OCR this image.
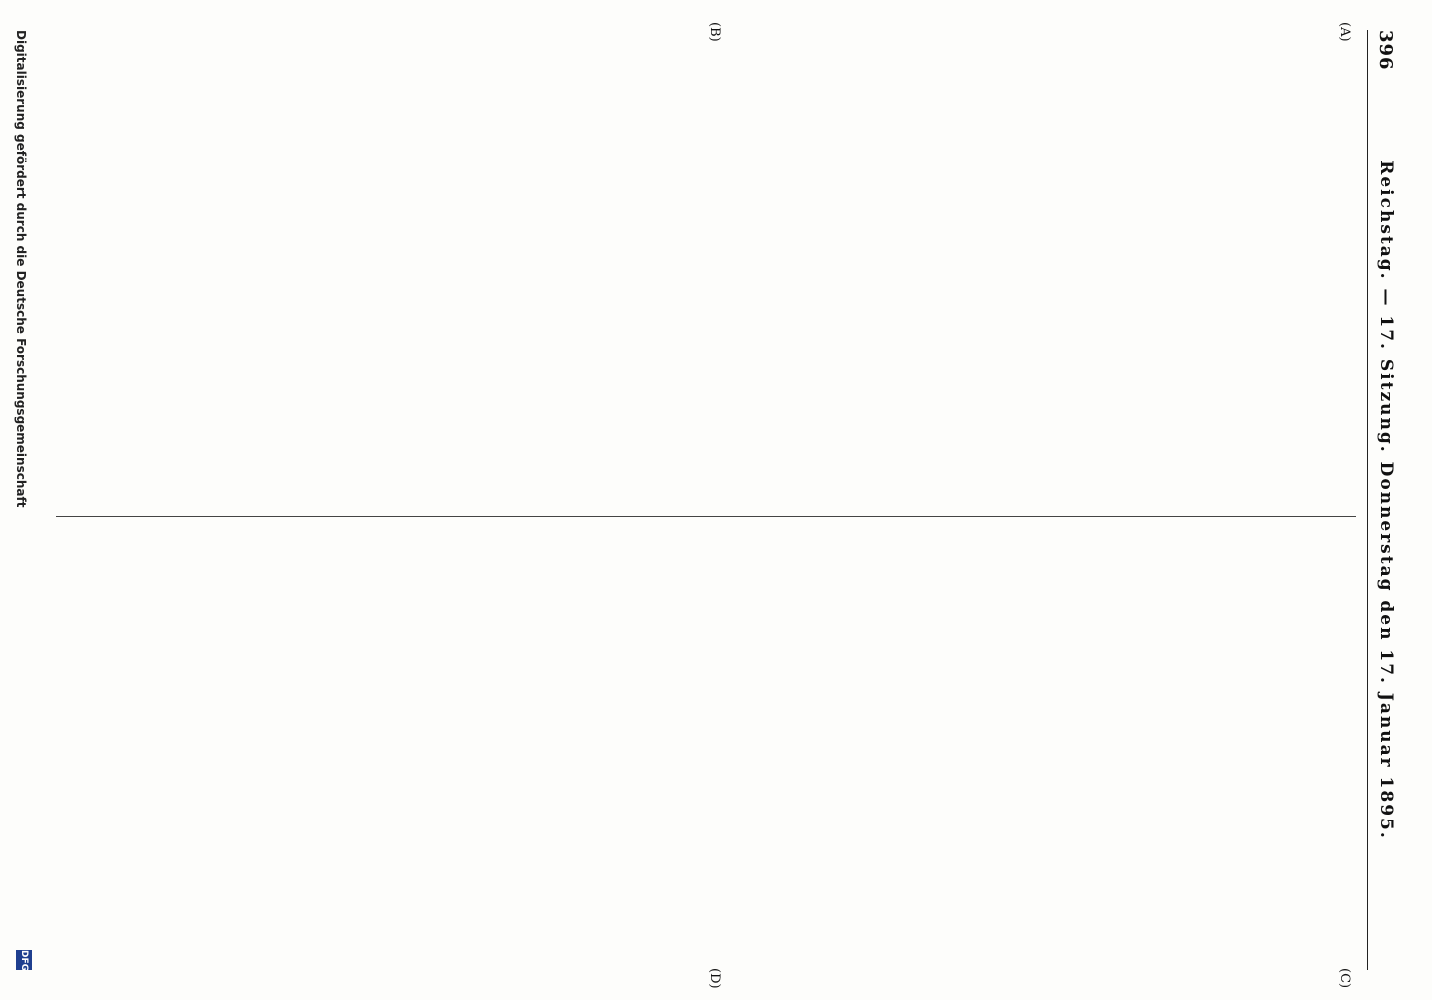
396
Reichstag. — 17. Sitzung. Donnerstag den 17. Januar 1895.
(A)
(B)
(C)
(D)
Digitalisierung gefördert durch die Deutsche Forschungsgemeinschaft
DFG
